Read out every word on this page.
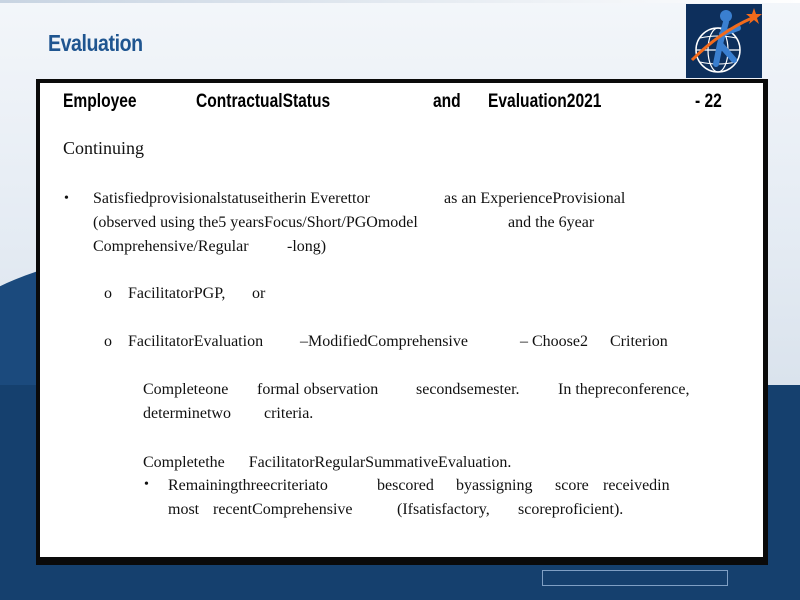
Evaluation
Employee	ContractualStatus	and Evaluation2021	- 22
Continuing
• Satisfiedprovisionalstatuseitherin Everettor	as an ExperienceProvisional
(observed using the5 yearsFocus/Short/PGOmodel	and the 6year
Comprehensive/Regular -long)
o FacilitatorPGP, or
o FacilitatorEvaluation –ModifiedComprehensive	– Choose2 Criterion
Completeone formal observation secondsemester. In thepreconference,
determinetwo criteria.
Completethe      FacilitatorRegularSummativeEvaluation.
• Remainingthreecriteriato	bescored byassigning score receivedin
most recentComprehensive	(Ifsatisfactory, scoreproficient).
